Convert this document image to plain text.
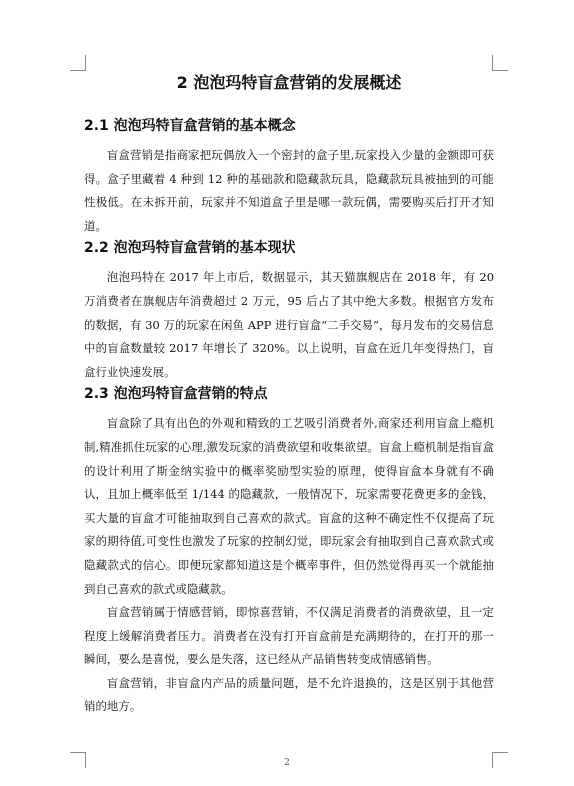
2 泡泡玛特盲盒营销的发展概述
2.1 泡泡玛特盲盒营销的基本概念

盲盒营销是指商家把玩偶放入一个密封的盒子里,玩家投入少量的金额即可获得。盒子里藏着 4 种到 12 种的基础款和隐藏款玩具，隐藏款玩具被抽到的可能性极低。在未拆开前，玩家并不知道盒子里是哪一款玩偶，需要购买后打开才知道。

2.2 泡泡玛特盲盒营销的基本现状

泡泡玛特在 2017 年上市后，数据显示，其天猫旗舰店在 2018 年，有 20 万消费者在旗舰店年消费超过 2 万元，95 后占了其中绝大多数。根据官方发布的数据，有 30 万的玩家在闲鱼 APP 进行盲盒“二手交易”，每月发布的交易信息中的盲盒数量较 2017 年增长了 320%。以上说明，盲盒在近几年变得热门，盲盒行业快速发展。

2.3 泡泡玛特盲盒营销的特点

盲盒除了具有出色的外观和精致的工艺吸引消费者外,商家还利用盲盒上瘾机制,精准抓住玩家的心理,激发玩家的消费欲望和收集欲望。盲盒上瘾机制是指盲盒的设计利用了斯金纳实验中的概率奖励型实验的原理，使得盲盒本身就有不确认，且加上概率低至 1/144 的隐藏款，一般情况下，玩家需要花费更多的金钱，买大量的盲盒才可能抽取到自己喜欢的款式。盲盒的这种不确定性不仅提高了玩家的期待值,可变性也激发了玩家的控制幻觉，即玩家会有抽取到自己喜欢款式或隐藏款式的信心。即便玩家都知道这是个概率事件，但仍然觉得再买一个就能抽到自己喜欢的款式或隐藏款。

盲盒营销属于情感营销，即惊喜营销，不仅满足消费者的消费欲望，且一定程度上缓解消费者压力。消费者在没有打开盲盒前是充满期待的，在打开的那一瞬间，要么是喜悦，要么是失落，这已经从产品销售转变成情感销售。

盲盒营销，非盲盒内产品的质量问题，是不允许退换的，这是区别于其他营销的地方。

2
